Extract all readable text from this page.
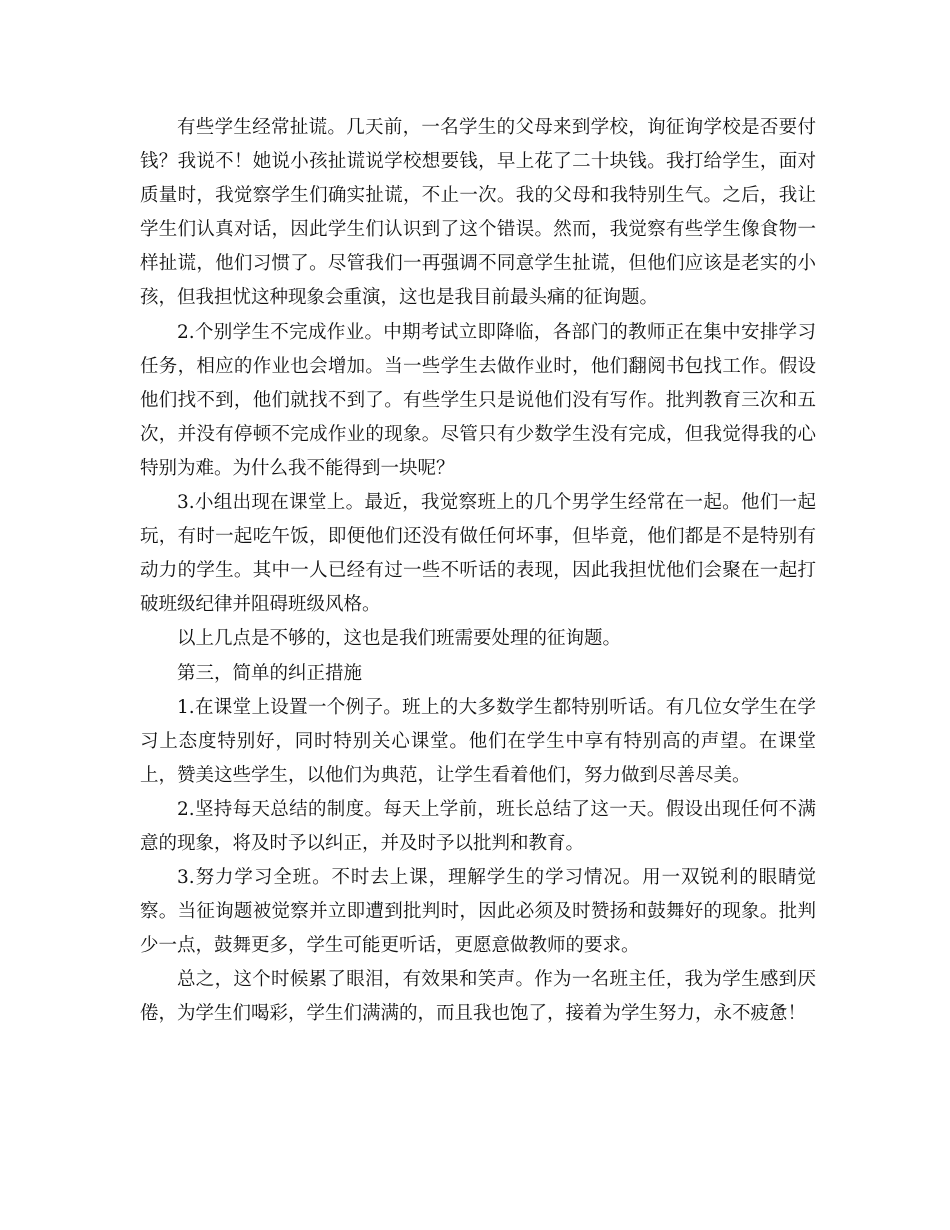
有些学生经常扯谎。几天前，一名学生的父母来到学校，询征询学校是否要付钱？我说不！她说小孩扯谎说学校想要钱，早上花了二十块钱。我打给学生，面对质量时，我觉察学生们确实扯谎，不止一次。我的父母和我特别生气。之后，我让学生们认真对话，因此学生们认识到了这个错误。然而，我觉察有些学生像食物一样扯谎，他们习惯了。尽管我们一再强调不同意学生扯谎，但他们应该是老实的小孩，但我担忧这种现象会重演，这也是我目前最头痛的征询题。

2.个别学生不完成作业。中期考试立即降临，各部门的教师正在集中安排学习任务，相应的作业也会增加。当一些学生去做作业时，他们翻阅书包找工作。假设他们找不到，他们就找不到了。有些学生只是说他们没有写作。批判教育三次和五次，并没有停顿不完成作业的现象。尽管只有少数学生没有完成，但我觉得我的心特别为难。为什么我不能得到一块呢？

3.小组出现在课堂上。最近，我觉察班上的几个男学生经常在一起。他们一起玩，有时一起吃午饭，即便他们还没有做任何坏事，但毕竟，他们都是不是特别有动力的学生。其中一人已经有过一些不听话的表现，因此我担忧他们会聚在一起打破班级纪律并阻碍班级风格。

以上几点是不够的，这也是我们班需要处理的征询题。

第三，简单的纠正措施

1.在课堂上设置一个例子。班上的大多数学生都特别听话。有几位女学生在学习上态度特别好，同时特别关心课堂。他们在学生中享有特别高的声望。在课堂上，赞美这些学生，以他们为典范，让学生看着他们，努力做到尽善尽美。

2.坚持每天总结的制度。每天上学前，班长总结了这一天。假设出现任何不满意的现象，将及时予以纠正，并及时予以批判和教育。

3.努力学习全班。不时去上课，理解学生的学习情况。用一双锐利的眼睛觉察。当征询题被觉察并立即遭到批判时，因此必须及时赞扬和鼓舞好的现象。批判少一点，鼓舞更多，学生可能更听话，更愿意做教师的要求。

总之，这个时候累了眼泪，有效果和笑声。作为一名班主任，我为学生感到厌倦，为学生们喝彩，学生们满满的，而且我也饱了，接着为学生努力，永不疲惫！
